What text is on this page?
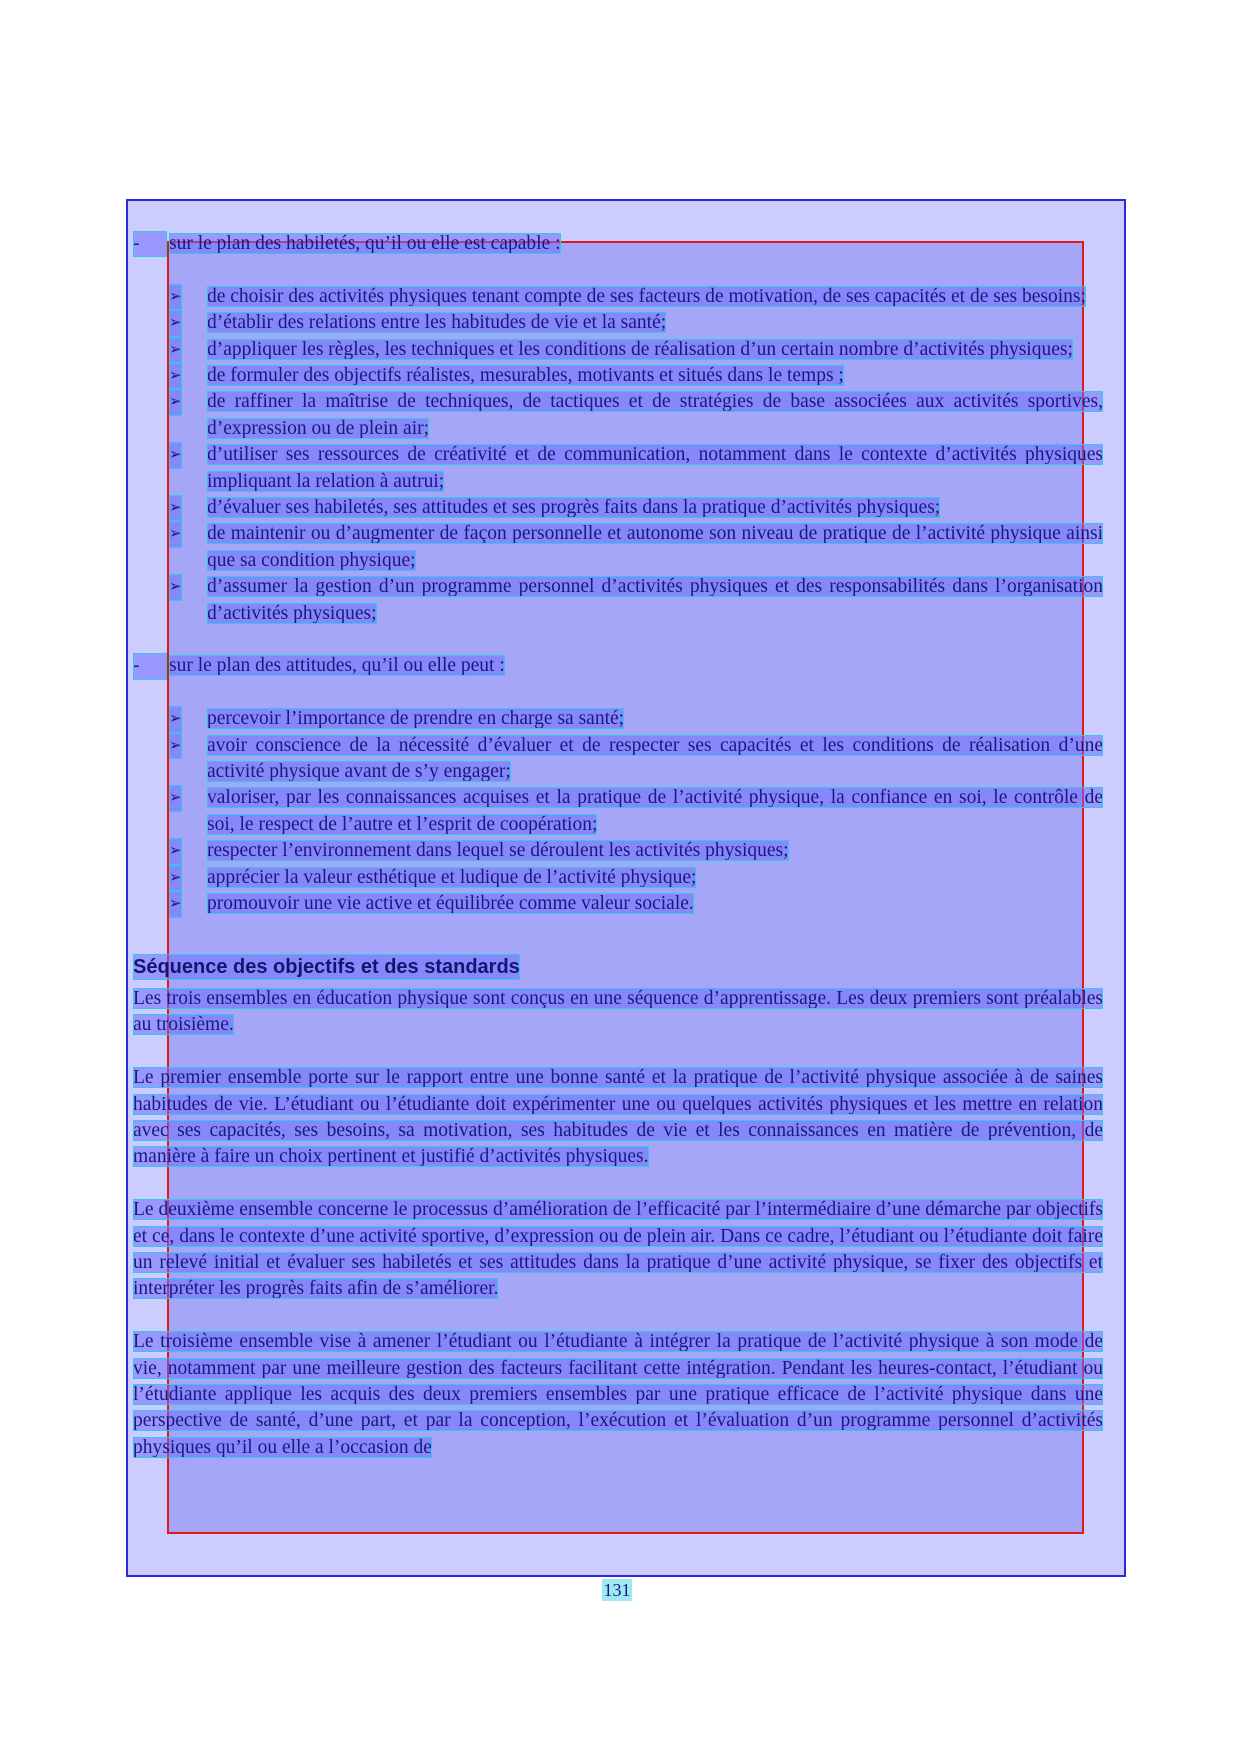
-	sur le plan des habiletés, qu’il ou elle est capable :

➢ de choisir des activités physiques tenant compte de ses facteurs de motivation, de ses capacités et de ses besoins;
➢ d’établir des relations entre les habitudes de vie et la santé;
➢ d’appliquer les règles, les techniques et les conditions de réalisation d’un certain nombre d’activités physiques;
➢ de formuler des objectifs réalistes, mesurables, motivants et situés dans le temps ;
➢ de raffiner la maîtrise de techniques, de tactiques et de stratégies de base associées aux activités sportives, d’expression ou de plein air;
➢ d’utiliser ses ressources de créativité et de communication, notamment dans le contexte d’activités physiques impliquant la relation à autrui;
➢ d’évaluer ses habiletés, ses attitudes et ses progrès faits dans la pratique d’activités physiques;
➢ de maintenir ou d’augmenter de façon personnelle et autonome son niveau de pratique de l’activité physique ainsi que sa condition physique;
➢ d’assumer la gestion d’un programme personnel d’activités physiques et des responsabilités dans l’organisation d’activités physiques;

-	sur le plan des attitudes, qu’il ou elle peut :

➢ percevoir l’importance de prendre en charge sa santé;
➢ avoir conscience de la nécessité d’évaluer et de respecter ses capacités et les conditions de réalisation d’une activité physique avant de s’y engager;
➢ valoriser, par les connaissances acquises et la pratique de l’activité physique, la confiance en soi, le contrôle de soi, le respect de l’autre et l’esprit de coopération;
➢ respecter l’environnement dans lequel se déroulent les activités physiques;
➢ apprécier la valeur esthétique et ludique de l’activité physique;
➢ promouvoir une vie active et équilibrée comme valeur sociale.
Séquence des objectifs et des standards

Les trois ensembles en éducation physique sont conçus en une séquence d’apprentissage. Les deux premiers sont préalables au troisième.

Le premier ensemble porte sur le rapport entre une bonne santé et la pratique de l’activité physique associée à de saines habitudes de vie. L’étudiant ou l’étudiante doit expérimenter une ou quelques activités physiques et les mettre en relation avec ses capacités, ses besoins, sa motivation, ses habitudes de vie et les connaissances en matière de prévention, de manière à faire un choix pertinent et justifié d’activités physiques.

Le deuxième ensemble concerne le processus d’amélioration de l’efficacité par l’intermédiaire d’une démarche par objectifs et ce, dans le contexte d’une activité sportive, d’expression ou de plein air. Dans ce cadre, l’étudiant ou l’étudiante doit faire un relevé initial et évaluer ses habiletés et ses attitudes dans la pratique d’une activité physique, se fixer des objectifs et interpréter les progrès faits afin de s’améliorer.

Le troisième ensemble vise à amener l’étudiant ou l’étudiante à intégrer la pratique de l’activité physique à son mode de vie, notamment par une meilleure gestion des facteurs facilitant cette intégration. Pendant les heures-contact, l’étudiant ou l’étudiante applique les acquis des deux premiers ensembles par une pratique efficace de l’activité physique dans une perspective de santé, d’une part, et par la conception, l’exécution et l’évaluation d’un programme personnel d’activités physiques qu’il ou elle a l’occasion de

131
